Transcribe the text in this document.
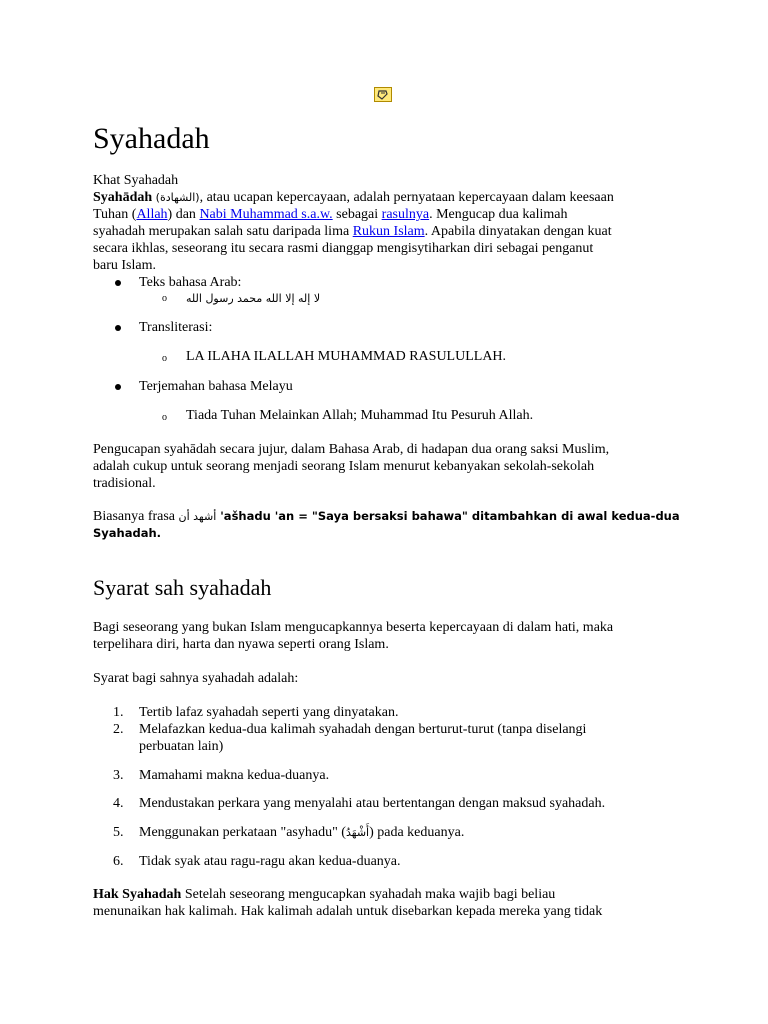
Syahadah
Khat Syahadah
Syahādah (الشهادة), atau ucapan kepercayaan, adalah pernyataan kepercayaan dalam keesaan
Tuhan (Allah) dan Nabi Muhammad s.a.w. sebagai rasulnya. Mengucap dua kalimah
syahadah merupakan salah satu daripada lima Rukun Islam. Apabila dinyatakan dengan kuat
secara ikhlas, seseorang itu secara rasmi dianggap mengisytiharkan diri sebagai penganut
baru Islam.
Teks bahasa Arab:
o لا إله إلا الله محمد رسول الله
Transliterasi:
o LA ILAHA ILALLAH MUHAMMAD RASULULLAH.
Terjemahan bahasa Melayu
o Tiada Tuhan Melainkan Allah; Muhammad Itu Pesuruh Allah.
Pengucapan syahādah secara jujur, dalam Bahasa Arab, di hadapan dua orang saksi Muslim,
adalah cukup untuk seorang menjadi seorang Islam menurut kebanyakan sekolah-sekolah
tradisional.
Biasanya frasa أشهد أن 'ašhadu 'an = "Saya bersaksi bahawa" ditambahkan di awal kedua-dua
Syahadah.
Syarat sah syahadah
Bagi seseorang yang bukan Islam mengucapkannya beserta kepercayaan di dalam hati, maka
terpelihara diri, harta dan nyawa seperti orang Islam.
Syarat bagi sahnya syahadah adalah:
1.	Tertib lafaz syahadah seperti yang dinyatakan.
2.	Melafazkan kedua-dua kalimah syahadah dengan berturut-turut (tanpa diselangi
perbuatan lain)
3.	Mamahami makna kedua-duanya.
4.	Mendustakan perkara yang menyalahi atau bertentangan dengan maksud syahadah.
5.	Menggunakan perkataan "asyhadu" (أَشْهَدُ) pada keduanya.
6.	Tidak syak atau ragu-ragu akan kedua-duanya.
Hak Syahadah Setelah seseorang mengucapkan syahadah maka wajib bagi beliau
menunaikan hak kalimah. Hak kalimah adalah untuk disebarkan kepada mereka yang tidak
